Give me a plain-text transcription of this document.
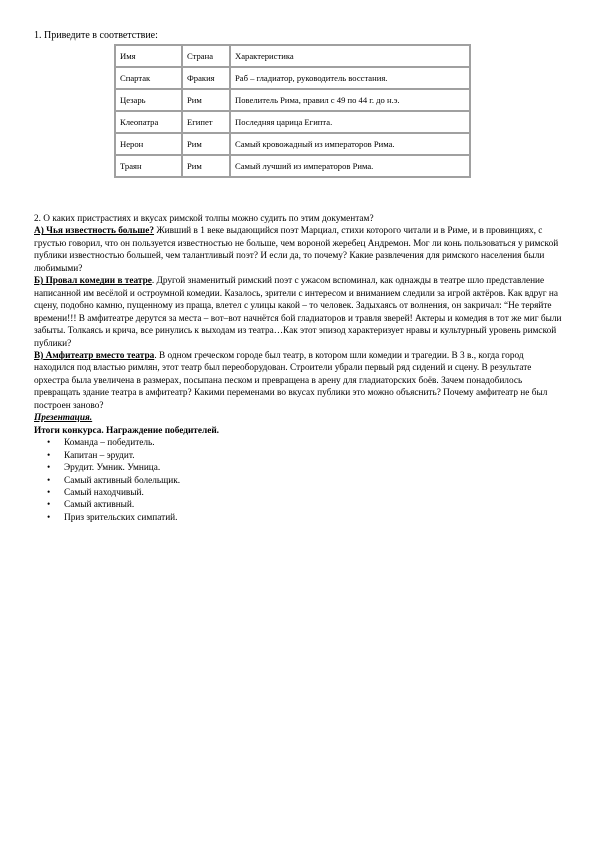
1. Приведите в соответствие:
Имя	Страна	Характеристика
Спартак	Фракия	Раб – гладиатор, руководитель восстания.
Цезарь	Рим	Повелитель Рима, правил с 49 по 44 г. до н.э.
Клеопатра	Египет	Последняя царица Египта.
Нерон	Рим	Самый кровожадный из императоров Рима.
Траян	Рим	Самый лучший из императоров Рима.

2. О каких пристрастиях и вкусах римской толпы можно судить по этим документам?

А) Чья известность больше? Живший в 1 веке выдающийся поэт Марциал, стихи которого читали и в Риме, и в провинциях, с грустью говорил, что он пользуется известностью не больше, чем вороной жеребец Андремон. Мог ли конь пользоваться у римской публики известностью большей, чем талантливый поэт? И если да, то почему? Какие развлечения для римского населения были любимыми?

Б) Провал комедии в театре. Другой знаменитый римский поэт с ужасом вспоминал, как однажды в театре шло представление написанной им весёлой и остроумной комедии. Казалось, зрители с интересом и вниманием следили за игрой актёров. Как вдруг на сцену, подобно камню, пущенному из праща, влетел с улицы какой – то человек. Задыхаясь от волнения, он закричал: “Не теряйте времени!!! В амфитеатре дерутся за места – вот–вот начнётся бой гладиаторов и травля зверей! Актеры и комедия в тот же миг были забыты. Толкаясь и крича, все ринулись к выходам из театра…Как этот эпизод характеризует нравы и культурный уровень римской публики?

В) Амфитеатр вместо театра. В одном греческом городе был театр, в котором шли комедии и трагедии. В 3 в., когда город находился под властью римлян, этот театр был переоборудован. Строители убрали первый ряд сидений и сцену. В результате орхестра была увеличена в размерах, посыпана песком и превращена в арену для гладиаторских боёв. Зачем понадобилось превращать здание театра в амфитеатр? Какими переменами во вкусах публики это можно объяснить? Почему амфитеатр не был построен заново?

Презентация.

Итоги конкурса. Награждение победителей.

• Команда – победитель.
• Капитан – эрудит.
• Эрудит. Умник. Умница.
• Самый активный болельщик.
• Самый находчивый.
• Самый активный.
• Приз зрительских симпатий.
